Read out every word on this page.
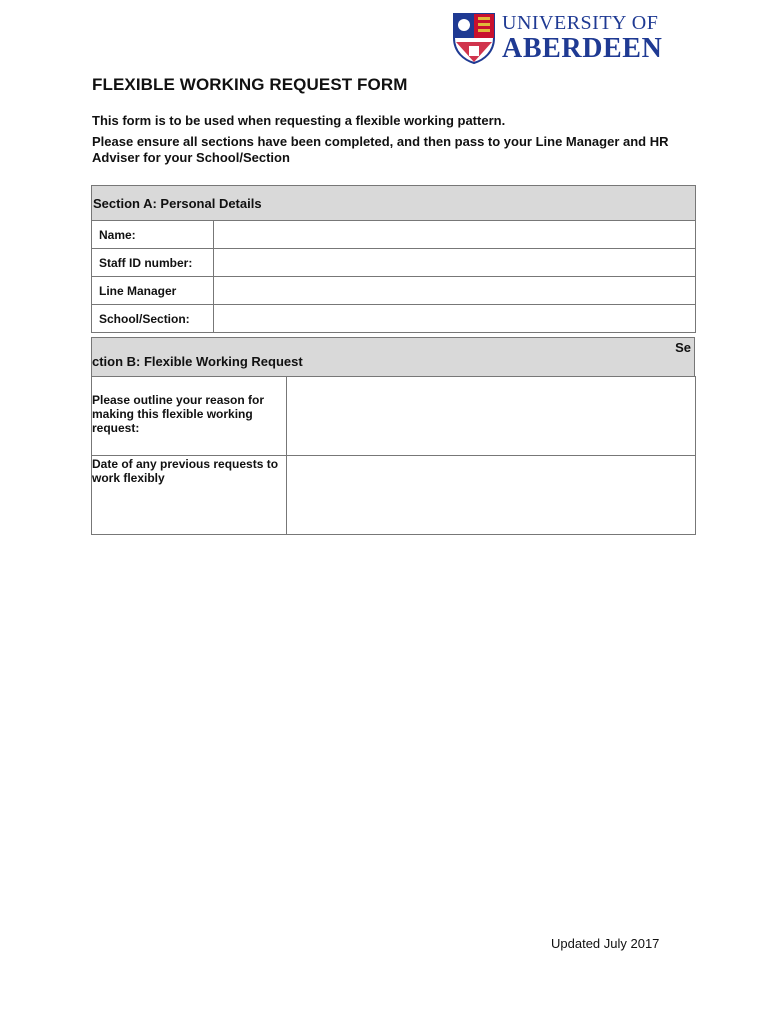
UNIVERSITY OF
ABERDEEN
FLEXIBLE WORKING REQUEST FORM

This form is to be used when requesting a flexible working pattern.

Please ensure all sections have been completed, and then pass to your Line Manager and HR Adviser for your School/Section

Section A: Personal Details	

Name:	
Staff ID number:	
Line Manager	
School/Section:	
Se
ction B: Flexible Working Request
Please outline your reason for making this flexible working request:	
Date of any previous requests to work flexibly	
Updated July 2017
